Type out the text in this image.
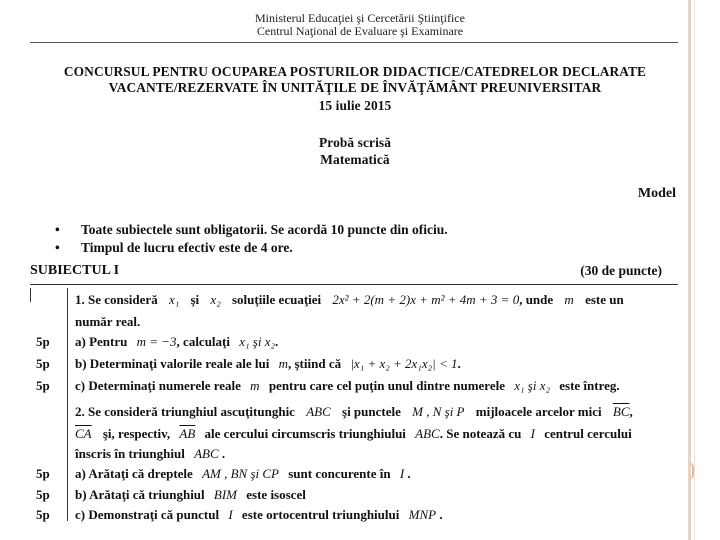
Ministerul Educaţiei şi Cercetării Ştiinţifice
Centrul Naţional de Evaluare şi Examinare
CONCURSUL PENTRU OCUPAREA POSTURILOR DIDACTICE/CATEDRELOR DECLARATE
VACANTE/REZERVATE ÎN UNITĂŢILE DE ÎNVĂŢĂMÂNT PREUNIVERSITAR
15 iulie 2015
Probă scrisă
Matematică
Model
• Toate subiectele sunt obligatorii. Se acordă 10 puncte din oficiu.
• Timpul de lucru efectiv este de 4 ore.
SUBIECTUL I	(30 de puncte)
1. Se consideră x₁ şi x₂ soluţiile ecuaţiei 2x² + 2(m + 2)x + m² + 4m + 3 = 0, unde m este un
număr real.
5p a) Pentru m = −3, calculaţi x₁ şi x₂.
5p b) Determinaţi valorile reale ale lui m, ştiind că |x₁ + x₂ + 2x₁x₂| < 1.
5p c) Determinaţi numerele reale m pentru care cel puţin unul dintre numerele x₁ şi x₂ este întreg.
2. Se consideră triunghiul ascuţitunghic ABC şi punctele M , N şi P mijloacele arcelor mici $\overline{BC}$,
$\overline{CA}$ şi, respectiv, $\overline{AB}$ ale cercului circumscris triunghiului ABC. Se notează cu I centrul cercului
înscris în triunghiul ABC .
5p a) Arătaţi că dreptele AM , BN şi CP sunt concurente în I .
5p b) Arătaţi că triunghiul BIM este isoscel
5p c) Demonstraţi că punctul I este ortocentrul triunghiului MNP .
